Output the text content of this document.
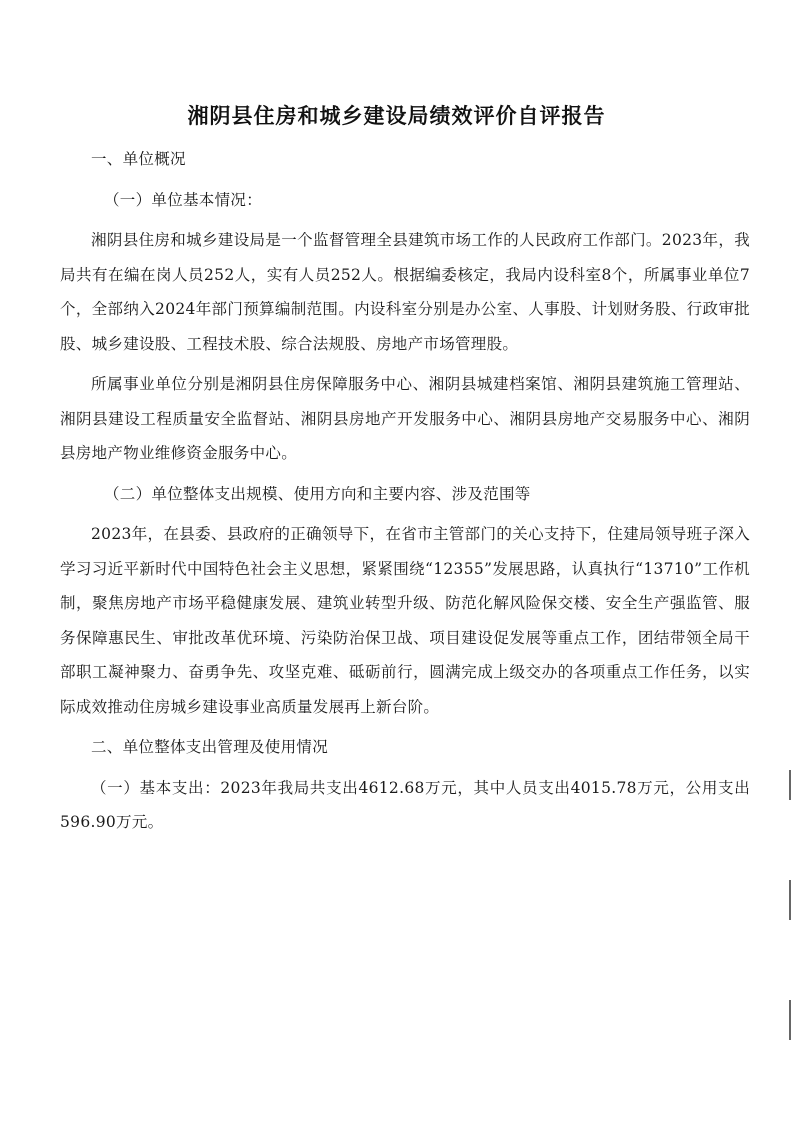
湘阴县住房和城乡建设局绩效评价自评报告

一、单位概况

（一）单位基本情况：

湘阴县住房和城乡建设局是一个监督管理全县建筑市场工作的人民政府工作部门。2023年，我局共有在编在岗人员252人，实有人员252人。根据编委核定，我局内设科室8个，所属事业单位7个，全部纳入2024年部门预算编制范围。内设科室分别是办公室、人事股、计划财务股、行政审批股、城乡建设股、工程技术股、综合法规股、房地产市场管理股。

所属事业单位分别是湘阴县住房保障服务中心、湘阴县城建档案馆、湘阴县建筑施工管理站、湘阴县建设工程质量安全监督站、湘阴县房地产开发服务中心、湘阴县房地产交易服务中心、湘阴县房地产物业维修资金服务中心。

（二）单位整体支出规模、使用方向和主要内容、涉及范围等

2023年，在县委、县政府的正确领导下，在省市主管部门的关心支持下，住建局领导班子深入学习习近平新时代中国特色社会主义思想，紧紧围绕“12355”发展思路，认真执行“13710”工作机制，聚焦房地产市场平稳健康发展、建筑业转型升级、防范化解风险保交楼、安全生产强监管、服务保障惠民生、审批改革优环境、污染防治保卫战、项目建设促发展等重点工作，团结带领全局干部职工凝神聚力、奋勇争先、攻坚克难、砥砺前行，圆满完成上级交办的各项重点工作任务，以实际成效推动住房城乡建设事业高质量发展再上新台阶。

二、单位整体支出管理及使用情况

（一）基本支出：2023年我局共支出4612.68万元，其中人员支出4015.78万元，公用支出596.90万元。
